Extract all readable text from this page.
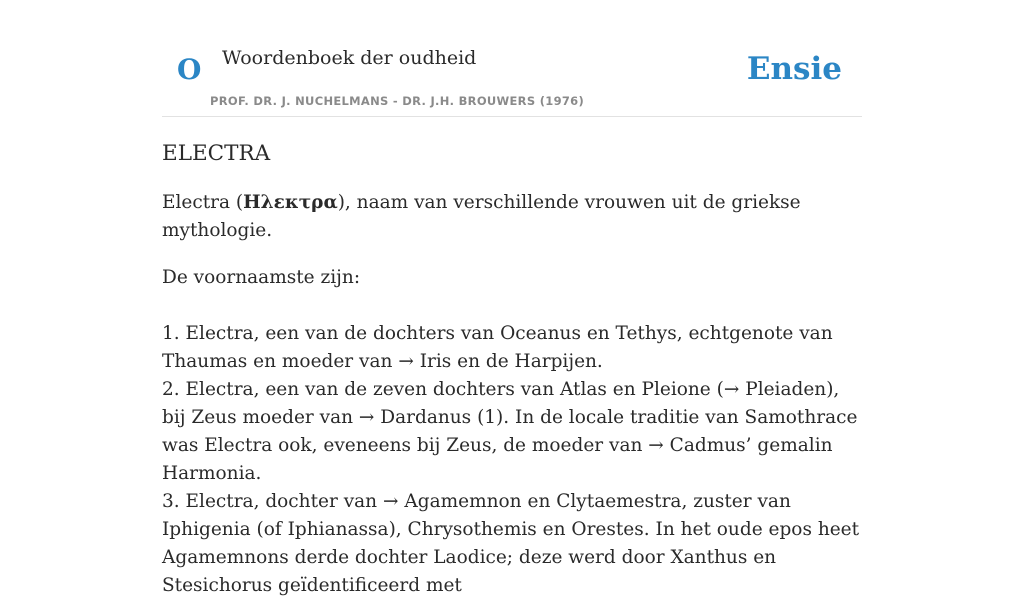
O Woordenboek der oudheid
PROF. DR. J. NUCHELMANS - DR. J.H. BROUWERS (1976)
Ensie
ELECTRA

Electra (Ηλεκτρα), naam van verschillende vrouwen uit de griekse mythologie.

De voornaamste zijn:

1. Electra, een van de dochters van Oceanus en Tethys, echtgenote van Thaumas en moeder van → Iris en de Harpijen.
2. Electra, een van de zeven dochters van Atlas en Pleione (→ Pleiaden), bij Zeus moeder van → Dardanus (1). In de locale traditie van Samothrace was Electra ook, eveneens bij Zeus, de moeder van → Cadmus’ gemalin Harmonia.
3. Electra, dochter van → Agamemnon en Clytaemestra, zuster van Iphigenia (of Iphianassa), Chrysothemis en Orestes. In het oude epos heet Agamemnons derde dochter Laodice; deze werd door Xanthus en Stesichorus geïdentificeerd met
